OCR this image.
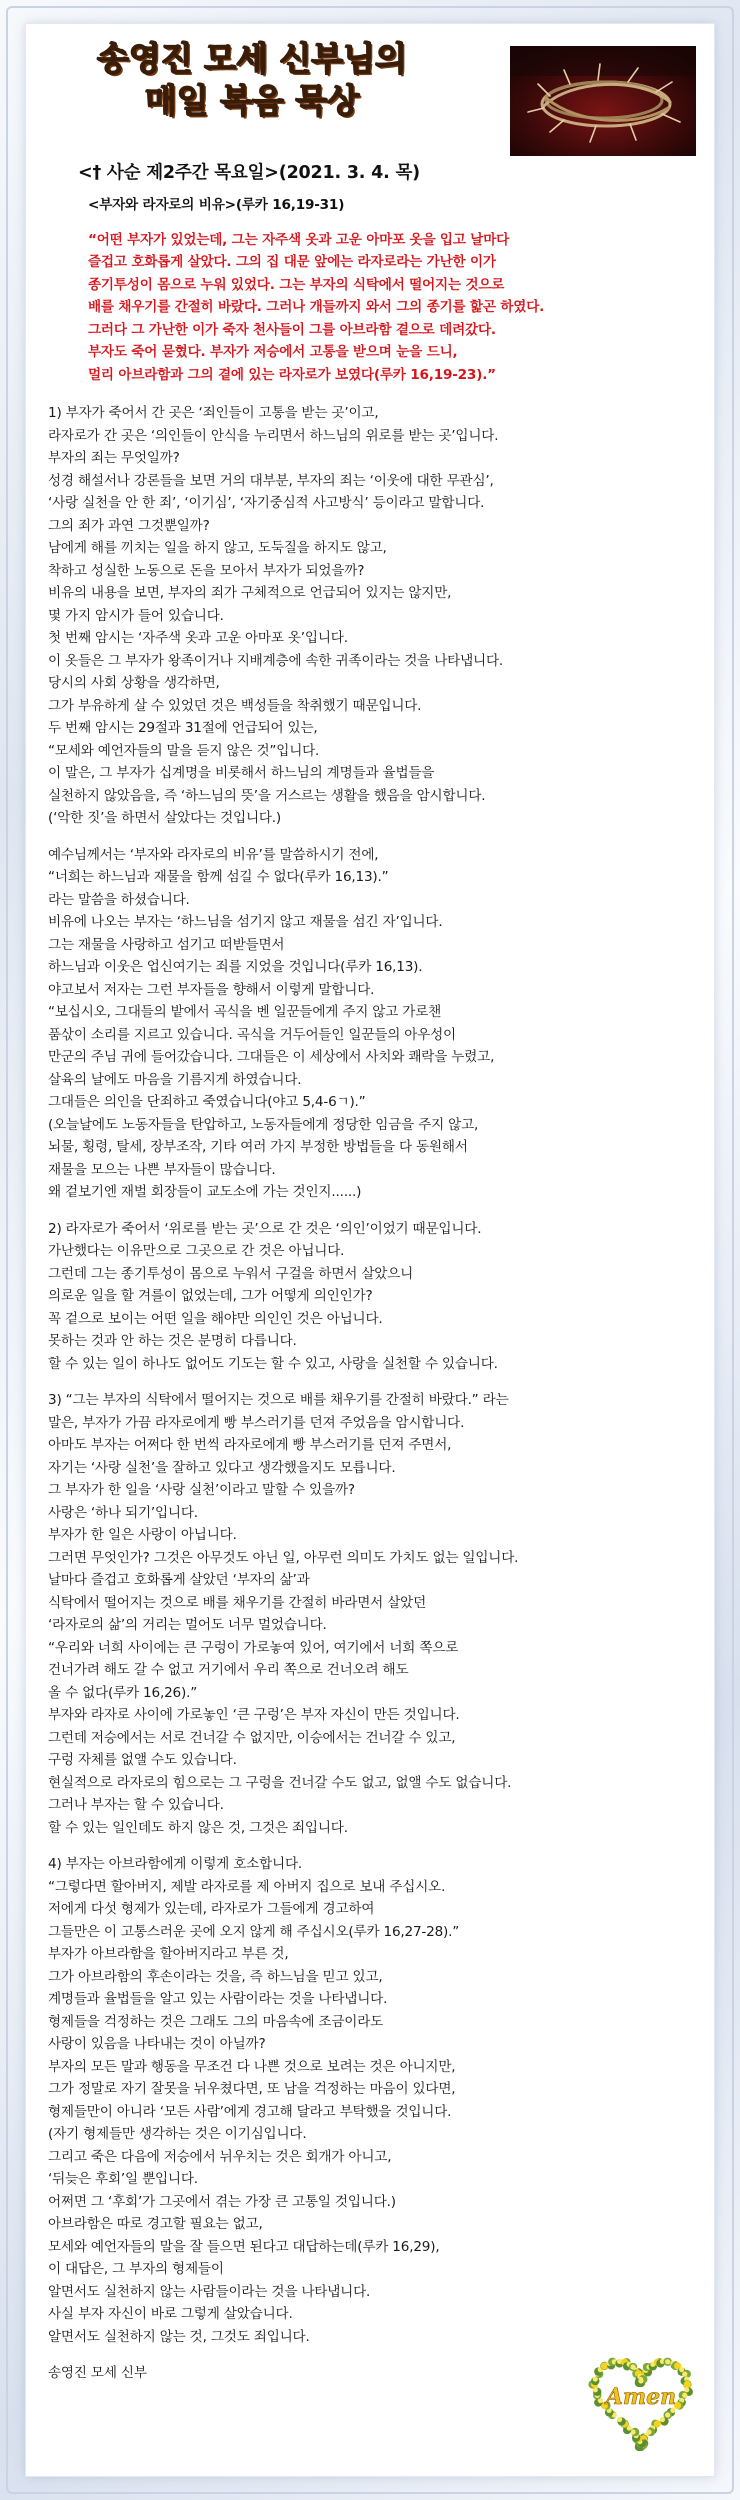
송영진 모세 신부님의
매일 복음 묵상
<† 사순 제2주간 목요일>(2021. 3. 4. 목)
<부자와 라자로의 비유>(루카 16,19-31)
“어떤 부자가 있었는데, 그는 자주색 옷과 고운 아마포 옷을 입고 날마다
즐겁고 호화롭게 살았다. 그의 집 대문 앞에는 라자로라는 가난한 이가
종기투성이 몸으로 누워 있었다. 그는 부자의 식탁에서 떨어지는 것으로
배를 채우기를 간절히 바랐다. 그러나 개들까지 와서 그의 종기를 핥곤 하였다.
그러다 그 가난한 이가 죽자 천사들이 그를 아브라함 곁으로 데려갔다.
부자도 죽어 묻혔다. 부자가 저승에서 고통을 받으며 눈을 드니,
멀리 아브라함과 그의 곁에 있는 라자로가 보였다(루카 16,19-23).”
1) 부자가 죽어서 간 곳은 ‘죄인들이 고통을 받는 곳’이고,
라자로가 간 곳은 ‘의인들이 안식을 누리면서 하느님의 위로를 받는 곳’입니다.
부자의 죄는 무엇일까?
성경 해설서나 강론들을 보면 거의 대부분, 부자의 죄는 ‘이웃에 대한 무관심’,
‘사랑 실천을 안 한 죄’, ‘이기심’, ‘자기중심적 사고방식’ 등이라고 말합니다.
그의 죄가 과연 그것뿐일까?
남에게 해를 끼치는 일을 하지 않고, 도둑질을 하지도 않고,
착하고 성실한 노동으로 돈을 모아서 부자가 되었을까?
비유의 내용을 보면, 부자의 죄가 구체적으로 언급되어 있지는 않지만,
몇 가지 암시가 들어 있습니다.
첫 번째 암시는 ‘자주색 옷과 고운 아마포 옷’입니다.
이 옷들은 그 부자가 왕족이거나 지배계층에 속한 귀족이라는 것을 나타냅니다.
당시의 사회 상황을 생각하면,
그가 부유하게 살 수 있었던 것은 백성들을 착취했기 때문입니다.
두 번째 암시는 29절과 31절에 언급되어 있는,
“모세와 예언자들의 말을 듣지 않은 것”입니다.
이 말은, 그 부자가 십계명을 비롯해서 하느님의 계명들과 율법들을
실천하지 않았음을, 즉 ‘하느님의 뜻’을 거스르는 생활을 했음을 암시합니다.
(‘악한 짓’을 하면서 살았다는 것입니다.)
예수님께서는 ‘부자와 라자로의 비유’를 말씀하시기 전에,
“너희는 하느님과 재물을 함께 섬길 수 없다(루카 16,13).”
라는 말씀을 하셨습니다.
비유에 나오는 부자는 ‘하느님을 섬기지 않고 재물을 섬긴 자’입니다.
그는 재물을 사랑하고 섬기고 떠받들면서
하느님과 이웃은 업신여기는 죄를 지었을 것입니다(루카 16,13).
야고보서 저자는 그런 부자들을 향해서 이렇게 말합니다.
“보십시오, 그대들의 밭에서 곡식을 벤 일꾼들에게 주지 않고 가로챈
품삯이 소리를 지르고 있습니다. 곡식을 거두어들인 일꾼들의 아우성이
만군의 주님 귀에 들어갔습니다. 그대들은 이 세상에서 사치와 쾌락을 누렸고,
살육의 날에도 마음을 기름지게 하였습니다.
그대들은 의인을 단죄하고 죽였습니다(야고 5,4-6ㄱ).”
(오늘날에도 노동자들을 탄압하고, 노동자들에게 정당한 임금을 주지 않고,
뇌물, 횡령, 탈세, 장부조작, 기타 여러 가지 부정한 방법들을 다 동원해서
재물을 모으는 나쁜 부자들이 많습니다.
왜 겉보기엔 재벌 회장들이 교도소에 가는 것인지......)
2) 라자로가 죽어서 ‘위로를 받는 곳’으로 간 것은 ‘의인’이었기 때문입니다.
가난했다는 이유만으로 그곳으로 간 것은 아닙니다.
그런데 그는 종기투성이 몸으로 누워서 구걸을 하면서 살았으니
의로운 일을 할 겨를이 없었는데, 그가 어떻게 의인인가?
꼭 겉으로 보이는 어떤 일을 해야만 의인인 것은 아닙니다.
못하는 것과 안 하는 것은 분명히 다릅니다.
할 수 있는 일이 하나도 없어도 기도는 할 수 있고, 사랑을 실천할 수 있습니다.
3) “그는 부자의 식탁에서 떨어지는 것으로 배를 채우기를 간절히 바랐다.” 라는
말은, 부자가 가끔 라자로에게 빵 부스러기를 던져 주었음을 암시합니다.
아마도 부자는 어쩌다 한 번씩 라자로에게 빵 부스러기를 던져 주면서,
자기는 ‘사랑 실천’을 잘하고 있다고 생각했을지도 모릅니다.
그 부자가 한 일을 ‘사랑 실천’이라고 말할 수 있을까?
사랑은 ‘하나 되기’입니다.
부자가 한 일은 사랑이 아닙니다.
그러면 무엇인가? 그것은 아무것도 아닌 일, 아무런 의미도 가치도 없는 일입니다.
날마다 즐겁고 호화롭게 살았던 ‘부자의 삶’과
식탁에서 떨어지는 것으로 배를 채우기를 간절히 바라면서 살았던
‘라자로의 삶’의 거리는 멀어도 너무 멀었습니다.
“우리와 너희 사이에는 큰 구렁이 가로놓여 있어, 여기에서 너희 쪽으로
건너가려 해도 갈 수 없고 거기에서 우리 쪽으로 건너오려 해도
올 수 없다(루카 16,26).”
부자와 라자로 사이에 가로놓인 ‘큰 구렁’은 부자 자신이 만든 것입니다.
그런데 저승에서는 서로 건너갈 수 없지만, 이승에서는 건너갈 수 있고,
구렁 자체를 없앨 수도 있습니다.
현실적으로 라자로의 힘으로는 그 구렁을 건너갈 수도 없고, 없앨 수도 없습니다.
그러나 부자는 할 수 있습니다.
할 수 있는 일인데도 하지 않은 것, 그것은 죄입니다.
4) 부자는 아브라함에게 이렇게 호소합니다.
“그렇다면 할아버지, 제발 라자로를 제 아버지 집으로 보내 주십시오.
저에게 다섯 형제가 있는데, 라자로가 그들에게 경고하여
그들만은 이 고통스러운 곳에 오지 않게 해 주십시오(루카 16,27-28).”
부자가 아브라함을 할아버지라고 부른 것,
그가 아브라함의 후손이라는 것을, 즉 하느님을 믿고 있고,
계명들과 율법들을 알고 있는 사람이라는 것을 나타냅니다.
형제들을 걱정하는 것은 그래도 그의 마음속에 조금이라도
사랑이 있음을 나타내는 것이 아닐까?
부자의 모든 말과 행동을 무조건 다 나쁜 것으로 보려는 것은 아니지만,
그가 정말로 자기 잘못을 뉘우쳤다면, 또 남을 걱정하는 마음이 있다면,
형제들만이 아니라 ‘모든 사람’에게 경고해 달라고 부탁했을 것입니다.
(자기 형제들만 생각하는 것은 이기심입니다.
그리고 죽은 다음에 저승에서 뉘우치는 것은 회개가 아니고,
‘뒤늦은 후회’일 뿐입니다.
어쩌면 그 ‘후회’가 그곳에서 겪는 가장 큰 고통일 것입니다.)
아브라함은 따로 경고할 필요는 없고,
모세와 예언자들의 말을 잘 들으면 된다고 대답하는데(루카 16,29),
이 대답은, 그 부자의 형제들이
알면서도 실천하지 않는 사람들이라는 것을 나타냅니다.
사실 부자 자신이 바로 그렇게 살았습니다.
알면서도 실천하지 않는 것, 그것도 죄입니다.
송영진 모세 신부
Amen
